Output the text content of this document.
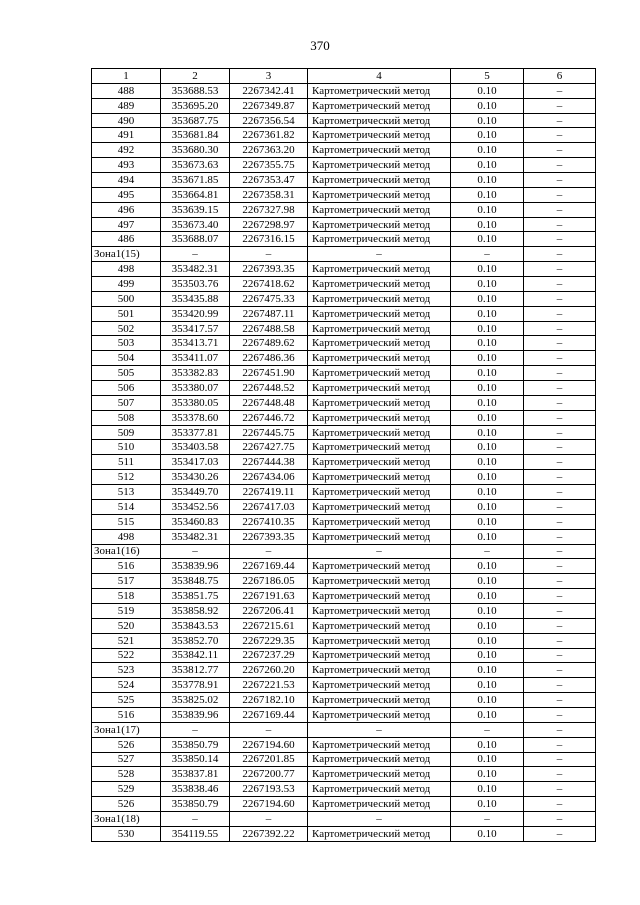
370
1	2	3	4	5	6
488	353688.53	2267342.41	Картометрический метод	0.10	–
489	353695.20	2267349.87	Картометрический метод	0.10	–
490	353687.75	2267356.54	Картометрический метод	0.10	–
491	353681.84	2267361.82	Картометрический метод	0.10	–
492	353680.30	2267363.20	Картометрический метод	0.10	–
493	353673.63	2267355.75	Картометрический метод	0.10	–
494	353671.85	2267353.47	Картометрический метод	0.10	–
495	353664.81	2267358.31	Картометрический метод	0.10	–
496	353639.15	2267327.98	Картометрический метод	0.10	–
497	353673.40	2267298.97	Картометрический метод	0.10	–
486	353688.07	2267316.15	Картометрический метод	0.10	–
Зона1(15)	–	–	–	–	–
498	353482.31	2267393.35	Картометрический метод	0.10	–
499	353503.76	2267418.62	Картометрический метод	0.10	–
500	353435.88	2267475.33	Картометрический метод	0.10	–
501	353420.99	2267487.11	Картометрический метод	0.10	–
502	353417.57	2267488.58	Картометрический метод	0.10	–
503	353413.71	2267489.62	Картометрический метод	0.10	–
504	353411.07	2267486.36	Картометрический метод	0.10	–
505	353382.83	2267451.90	Картометрический метод	0.10	–
506	353380.07	2267448.52	Картометрический метод	0.10	–
507	353380.05	2267448.48	Картометрический метод	0.10	–
508	353378.60	2267446.72	Картометрический метод	0.10	–
509	353377.81	2267445.75	Картометрический метод	0.10	–
510	353403.58	2267427.75	Картометрический метод	0.10	–
511	353417.03	2267444.38	Картометрический метод	0.10	–
512	353430.26	2267434.06	Картометрический метод	0.10	–
513	353449.70	2267419.11	Картометрический метод	0.10	–
514	353452.56	2267417.03	Картометрический метод	0.10	–
515	353460.83	2267410.35	Картометрический метод	0.10	–
498	353482.31	2267393.35	Картометрический метод	0.10	–
Зона1(16)	–	–	–	–	–
516	353839.96	2267169.44	Картометрический метод	0.10	–
517	353848.75	2267186.05	Картометрический метод	0.10	–
518	353851.75	2267191.63	Картометрический метод	0.10	–
519	353858.92	2267206.41	Картометрический метод	0.10	–
520	353843.53	2267215.61	Картометрический метод	0.10	–
521	353852.70	2267229.35	Картометрический метод	0.10	–
522	353842.11	2267237.29	Картометрический метод	0.10	–
523	353812.77	2267260.20	Картометрический метод	0.10	–
524	353778.91	2267221.53	Картометрический метод	0.10	–
525	353825.02	2267182.10	Картометрический метод	0.10	–
516	353839.96	2267169.44	Картометрический метод	0.10	–
Зона1(17)	–	–	–	–	–
526	353850.79	2267194.60	Картометрический метод	0.10	–
527	353850.14	2267201.85	Картометрический метод	0.10	–
528	353837.81	2267200.77	Картометрический метод	0.10	–
529	353838.46	2267193.53	Картометрический метод	0.10	–
526	353850.79	2267194.60	Картометрический метод	0.10	–
Зона1(18)	–	–	–	–	–
530	354119.55	2267392.22	Картометрический метод	0.10	–
